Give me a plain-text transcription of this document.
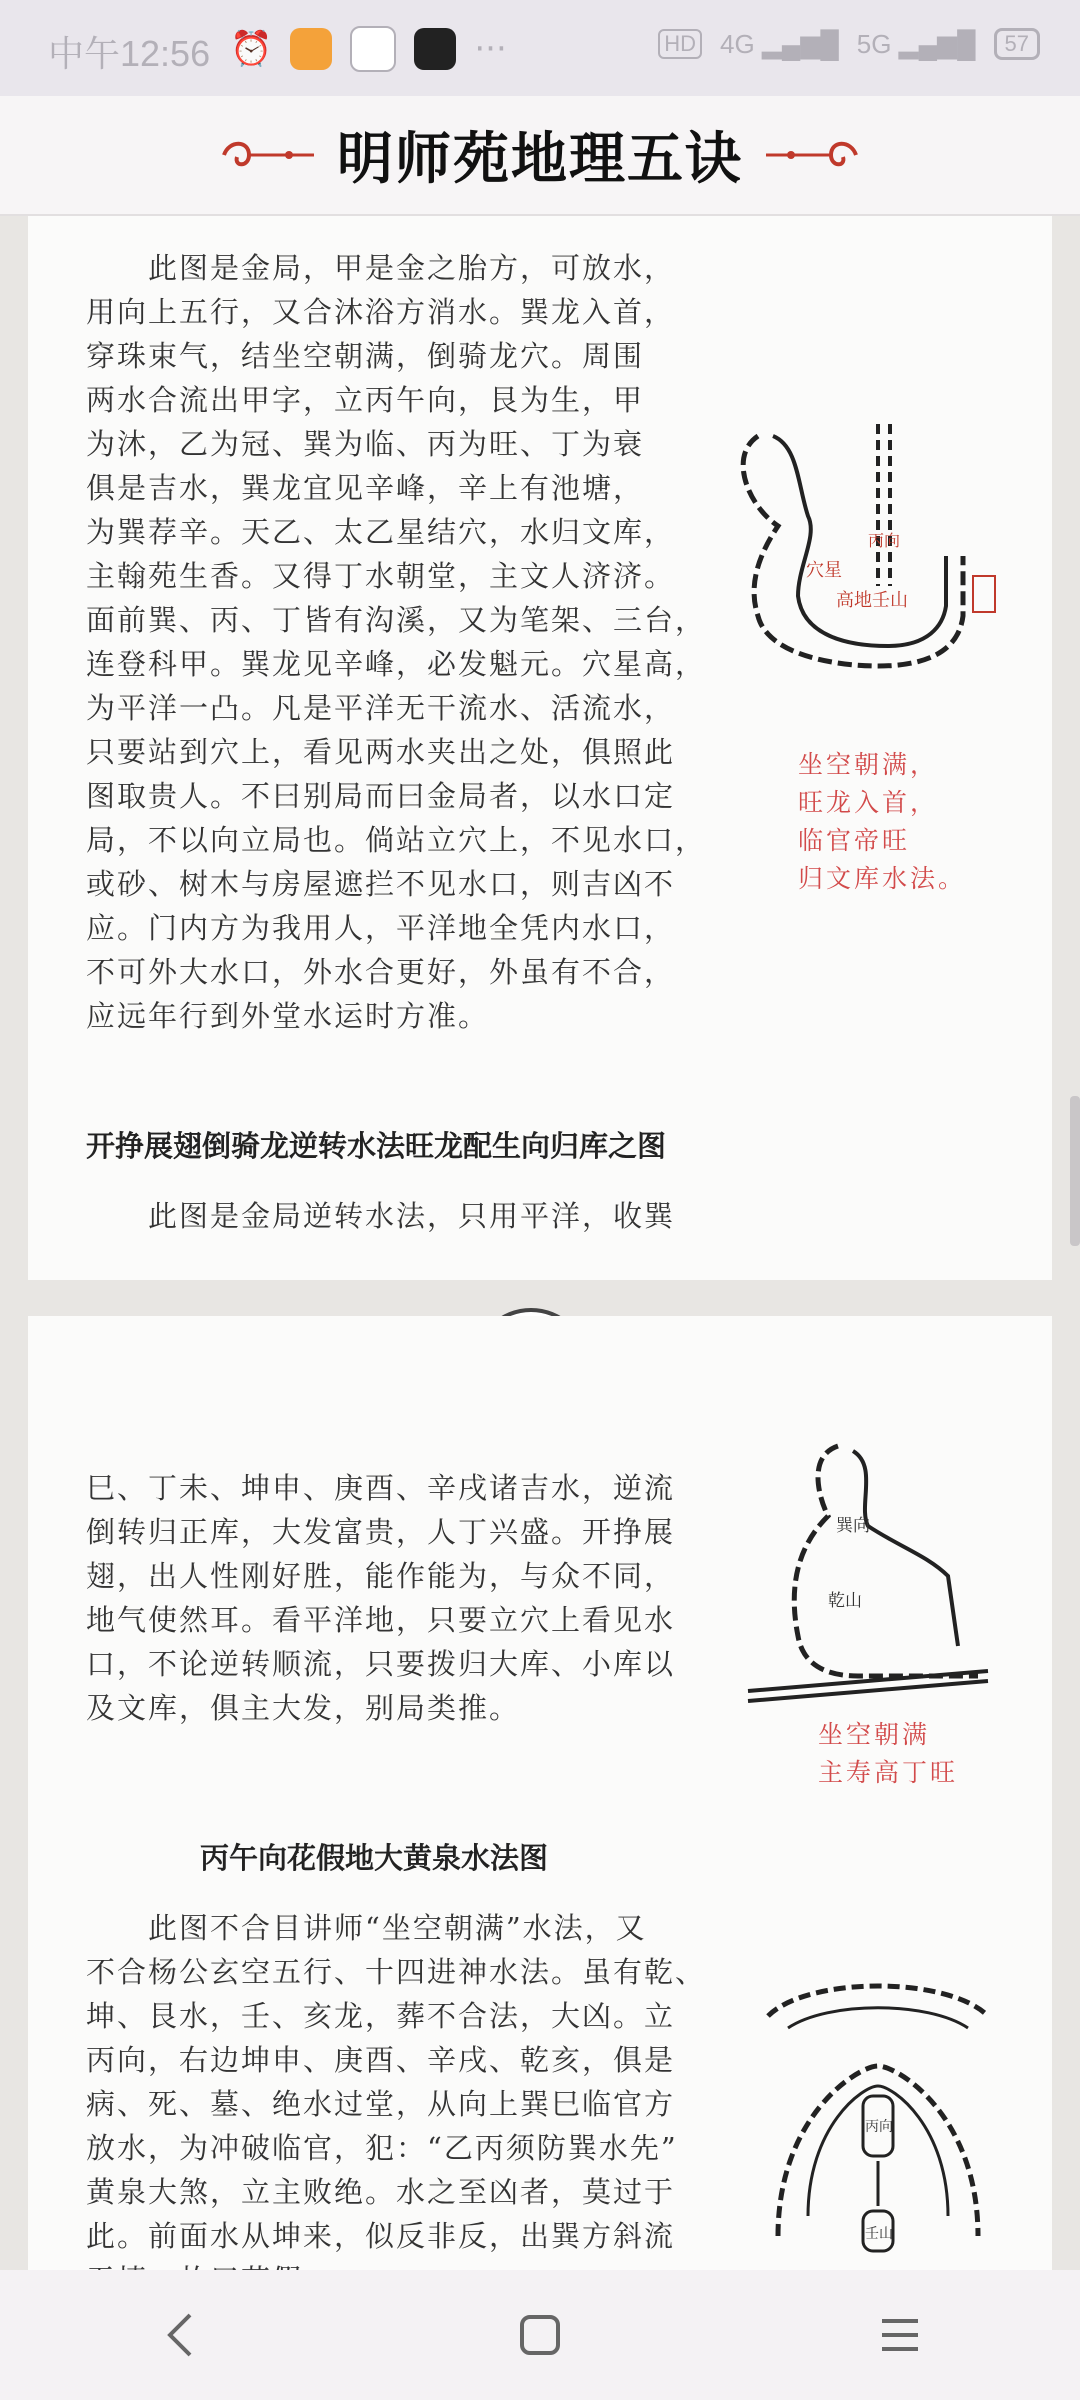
中午12:56 ⏰	···	HD 4G ▂▄▆█ 5G ▂▄▆█	57
明师苑地理五诀
　　此图是金局，甲是金之胎方，可放水，
用向上五行，又合沐浴方消水。巽龙入首，
穿珠束气，结坐空朝满，倒骑龙穴。周围
两水合流出甲字，立丙午向，艮为生，甲
为沐，乙为冠、巽为临、丙为旺、丁为衰
俱是吉水，巽龙宜见辛峰，辛上有池塘，
为巽荐辛。天乙、太乙星结穴，水归文库，
主翰苑生香。又得丁水朝堂，主文人济济。
面前巽、丙、丁皆有沟溪，又为笔架、三台，
连登科甲。巽龙见辛峰，必发魁元。穴星高，
为平洋一凸。凡是平洋无干流水、活流水，
只要站到穴上，看见两水夹出之处，俱照此
图取贵人。不曰别局而曰金局者，以水口定
局，不以向立局也。倘站立穴上，不见水口，
或砂、树木与房屋遮拦不见水口，则吉凶不
应。门内方为我用人，平洋地全凭内水口，
不可外大水口，外水合更好，外虽有不合，
应远年行到外堂水运时方准。
穴星
高地壬山
丙向
坐空朝满，
旺龙入首，
临官帝旺
归文库水法。
开挣展翅倒骑龙逆转水法旺龙配生向归库之图
　　此图是金局逆转水法，只用平洋，收巽
巳、丁未、坤申、庚酉、辛戌诸吉水，逆流
倒转归正库，大发富贵，人丁兴盛。开挣展
翅，出人性刚好胜，能作能为，与众不同，
地气使然耳。看平洋地，只要立穴上看见水
口，不论逆转顺流，只要拨归大库、小库以
及文库，俱主大发，别局类推。
巽向
乾山
坐空朝满
主寿高丁旺
丙午向花假地大黄泉水法图
　　此图不合目讲师“坐空朝满”水法，又
不合杨公玄空五行、十四进神水法。虽有乾、
坤、艮水，壬、亥龙，葬不合法，大凶。立
丙向，右边坤申、庚酉、辛戌、乾亥，俱是
病、死、墓、绝水过堂，从向上巽巳临官方
放水，为冲破临官，犯：“乙丙须防巽水先”
黄泉大煞，立主败绝。水之至凶者，莫过于
此。前面水从坤来，似反非反，出巽方斜流
丙向
壬山
